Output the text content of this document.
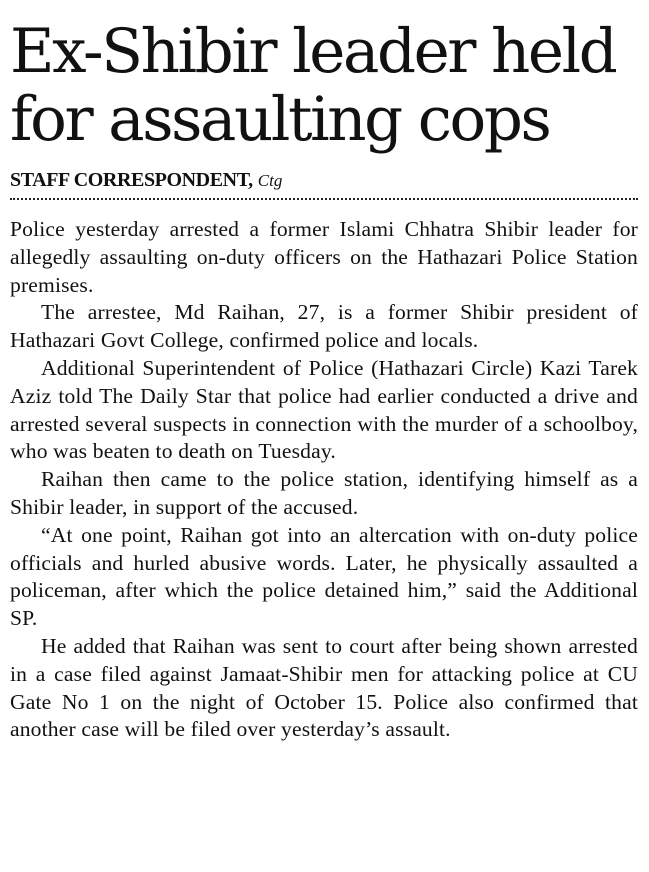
Ex-Shibir leader held for assaulting cops
STAFF CORRESPONDENT, Ctg

Police yesterday arrested a former Islami Chhatra Shibir leader for allegedly assaulting on-duty officers on the Hathazari Police Station premises.

The arrestee, Md Raihan, 27, is a former Shibir president of Hathazari Govt College, confirmed police and locals.

Additional Superintendent of Police (Hathazari Circle) Kazi Tarek Aziz told The Daily Star that police had earlier conducted a drive and arrested several suspects in connection with the murder of a schoolboy, who was beaten to death on Tuesday.

Raihan then came to the police station, identifying himself as a Shibir leader, in support of the accused.

“At one point, Raihan got into an altercation with on-duty police officials and hurled abusive words. Later, he physically assaulted a policeman, after which the police detained him,” said the Additional SP.

He added that Raihan was sent to court after being shown arrested in a case filed against Jamaat-Shibir men for attacking police at CU Gate No 1 on the night of October 15. Police also confirmed that another case will be filed over yesterday’s assault.
